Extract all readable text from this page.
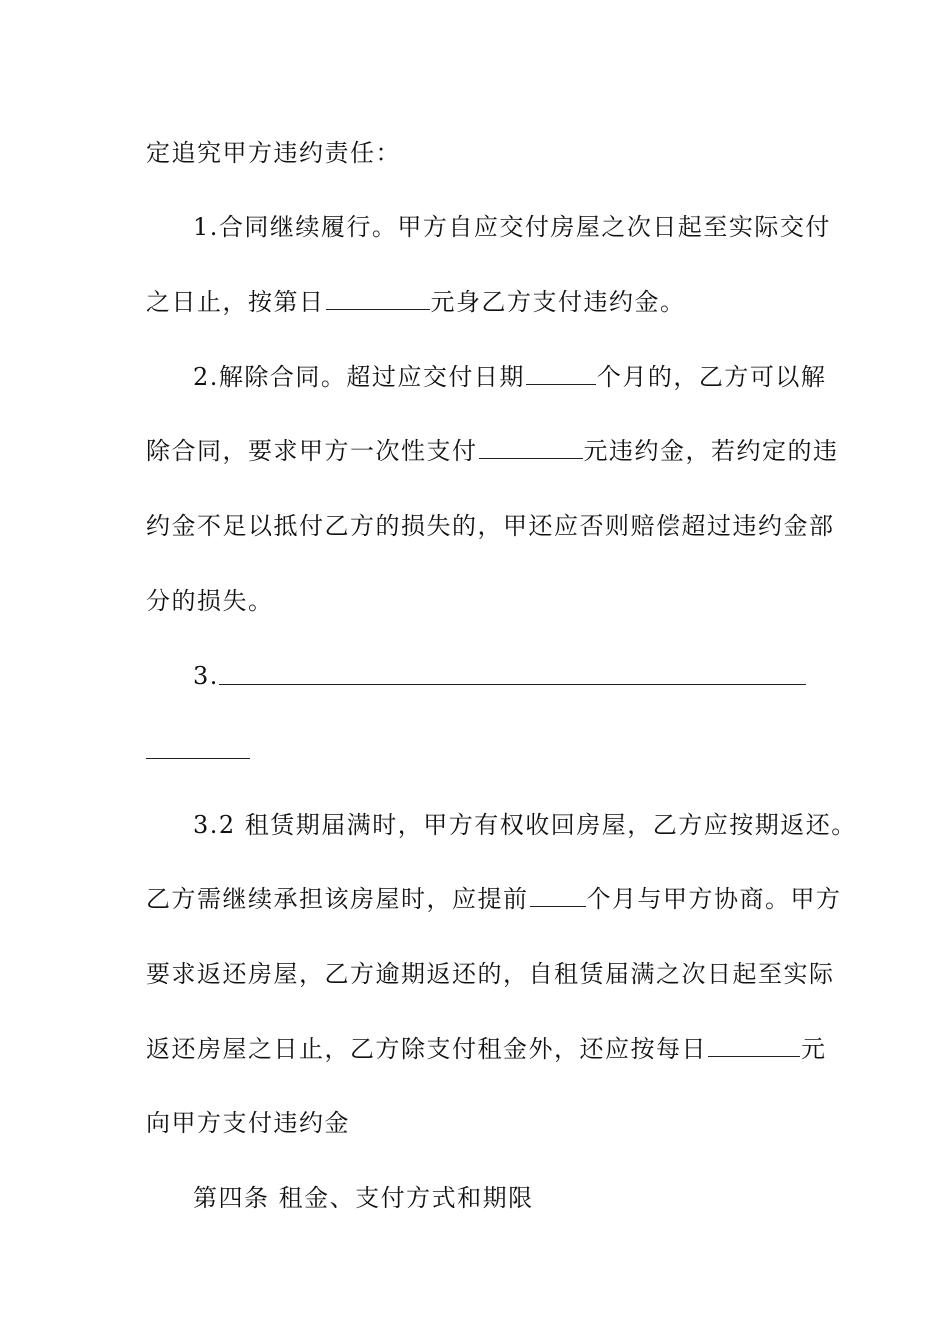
定追究甲方违约责任：
1.合同继续履行。甲方自应交付房屋之次日起至实际交付
之日止，按第日	元身乙方支付违约金。
2.解除合同。超过应交付日期	个月的，乙方可以解
除合同，要求甲方一次性支付	元违约金，若约定的违
约金不足以抵付乙方的损失的，甲还应否则赔偿超过违约金部
分的损失。
3.
3.2 租赁期届满时，甲方有权收回房屋，乙方应按期返还。
乙方需继续承担该房屋时，应提前 个月与甲方协商。甲方
要求返还房屋，乙方逾期返还的，自租赁届满之次日起至实际
返还房屋之日止，乙方除支付租金外，还应按每日	元
向甲方支付违约金
第四条 租金、支付方式和期限
